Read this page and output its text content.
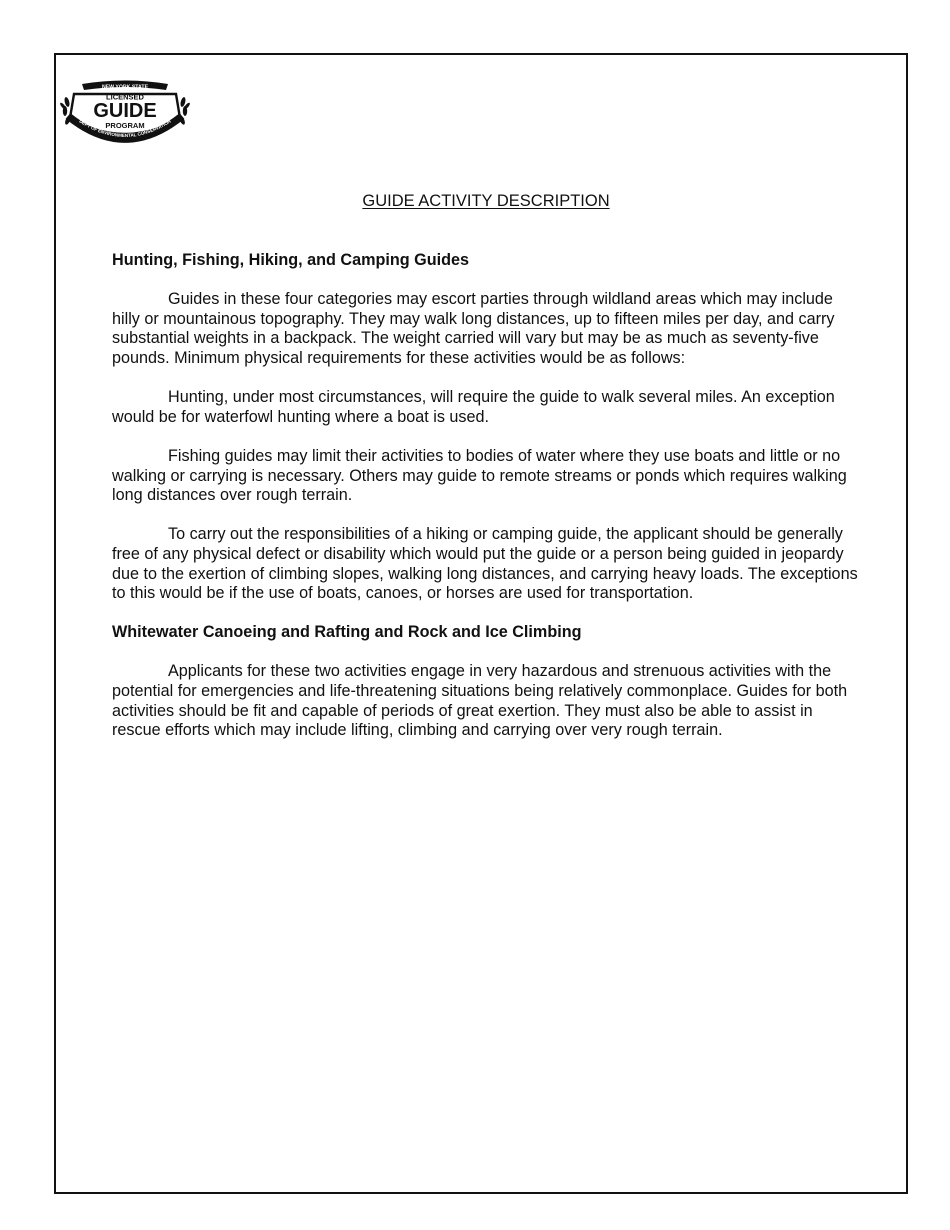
NEW YORK STATE
LICENSED
GUIDE
PROGRAM
DEPT OF ENVIRONMENTAL CONSERVATION
GUIDE ACTIVITY DESCRIPTION
Hunting, Fishing, Hiking, and Camping Guides

Guides in these four categories may escort parties through wildland areas which may include hilly or mountainous topography. They may walk long distances, up to fifteen miles per day, and carry substantial weights in a backpack. The weight carried will vary but may be as much as seventy-five pounds. Minimum physical requirements for these activities would be as follows:

Hunting, under most circumstances, will require the guide to walk several miles. An exception would be for waterfowl hunting where a boat is used.

Fishing guides may limit their activities to bodies of water where they use boats and little or no walking or carrying is necessary. Others may guide to remote streams or ponds which requires walking long distances over rough terrain.

To carry out the responsibilities of a hiking or camping guide, the applicant should be generally free of any physical defect or disability which would put the guide or a person being guided in jeopardy due to the exertion of climbing slopes, walking long distances, and carrying heavy loads. The exceptions to this would be if the use of boats, canoes, or horses are used for transportation.

Whitewater Canoeing and Rafting and Rock and Ice Climbing

Applicants for these two activities engage in very hazardous and strenuous activities with the potential for emergencies and life-threatening situations being relatively commonplace. Guides for both activities should be fit and capable of periods of great exertion. They must also be able to assist in rescue efforts which may include lifting, climbing and carrying over very rough terrain.
